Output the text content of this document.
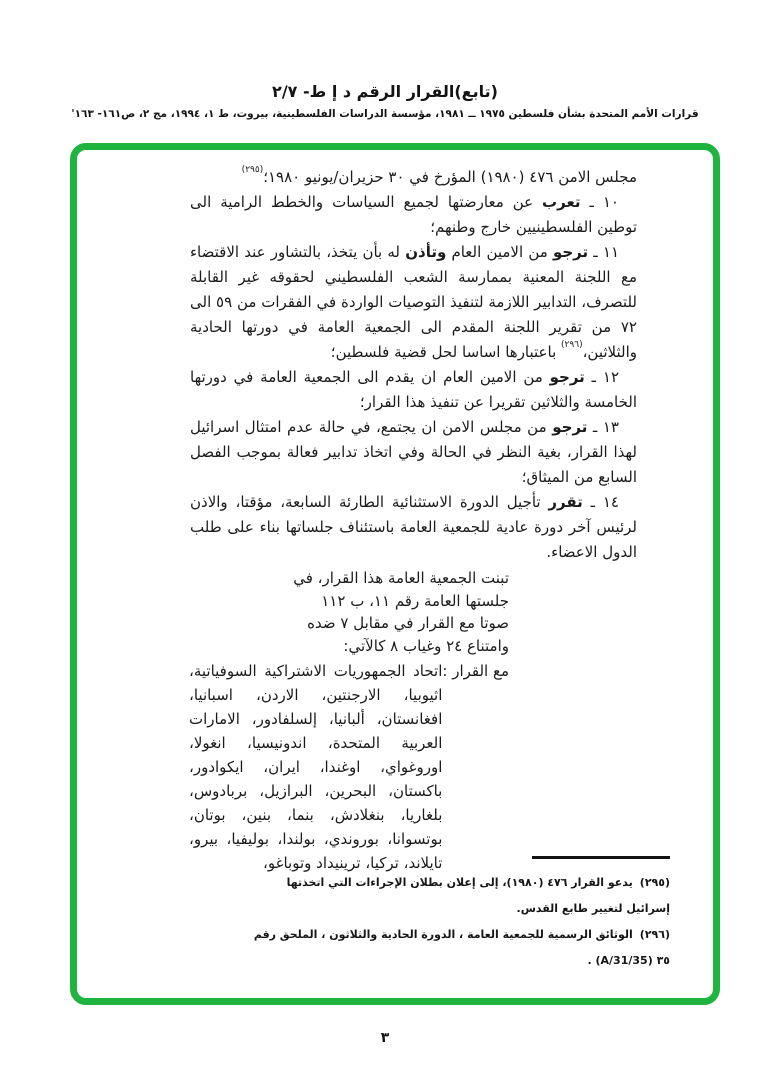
(تابع)القرار الرقم د إ ط- ٢/٧
قرارات الأمم المتحدة بشأن فلسطين ١٩٧٥ ــ ١٩٨١، مؤسسة الدراسات الفلسطينية، بيروت، ط ١، ١٩٩٤، مج ٢، ص١٦١- ١٦٣'

مجلس الامن ٤٧٦ (١٩٨٠) المؤرخ في ٣٠ حزيران/يونيو ١٩٨٠؛$^{(٢٩٥)}$

١٠ ـ تعرب عن معارضتها لجميع السياسات والخطط الرامية الى توطين الفلسطينيين خارج وطنهم؛

١١ ـ ترجو من الامين العام وتأذن له بأن يتخذ، بالتشاور عند الاقتضاء مع اللجنة المعنية بممارسة الشعب الفلسطيني لحقوقه غير القابلة للتصرف، التدابير اللازمة لتنفيذ التوصيات الواردة في الفقرات من ٥٩ الى ٧٢ من تقرير اللجنة المقدم الى الجمعية العامة في دورتها الحادية والثلاثين،$^{(٢٩٦)}$ باعتبارها اساسا لحل قضية فلسطين؛

١٢ ـ ترجو من الامين العام ان يقدم الى الجمعية العامة في دورتها الخامسة والثلاثين تقريرا عن تنفيذ هذا القرار؛

١٣ ـ ترجو من مجلس الامن ان يجتمع، في حالة عدم امتثال اسرائيل لهذا القرار، بغية النظر في الحالة وفي اتخاذ تدابير فعالة بموجب الفصل السابع من الميثاق؛

١٤ ـ تقرر تأجيل الدورة الاستثنائية الطارئة السابعة، مؤقتا، والاذن لرئيس آخر دورة عادية للجمعية العامة باستئناف جلساتها بناء على طلب الدول الاعضاء.

تبنت الجمعية العامة هذا القرار، في
جلستها العامة رقم ١١، ب ١١٢
صوتا مع القرار في مقابل ٧ ضده
وامتناع ٢٤ وغياب ٨ كالآتي:
مع القرار :
اتحاد الجمهوريات الاشتراكية السوفياتية، اثيوبيا، الارجنتين، الاردن، اسبانيا، افغانستان، ألبانيا، إلسلفادور، الامارات العربية المتحدة، اندونيسيا، انغولا، اوروغواي، اوغندا، ايران، ايكوادور، باكستان، البحرين، البرازيل، بربادوس، بلغاريا، بنغلادش، بنما، بنين، بوتان، بوتسوانا، بوروندي، بولندا، بوليفيا، بيرو، تايلاند، تركيا، ترينيداد وتوباغو،
(٢٩٥)يدعو القرار ٤٧٦ (١٩٨٠)، إلى إعلان بطلان الإجراءات التي اتخذتها إسرائيل لتغيير طابع القدس.
(٢٩٦)الوثائق الرسمية للجمعية العامة ، الدورة الحادية والثلاثون ، الملحق رقم ٣٥ (A/31/35) .
٣
